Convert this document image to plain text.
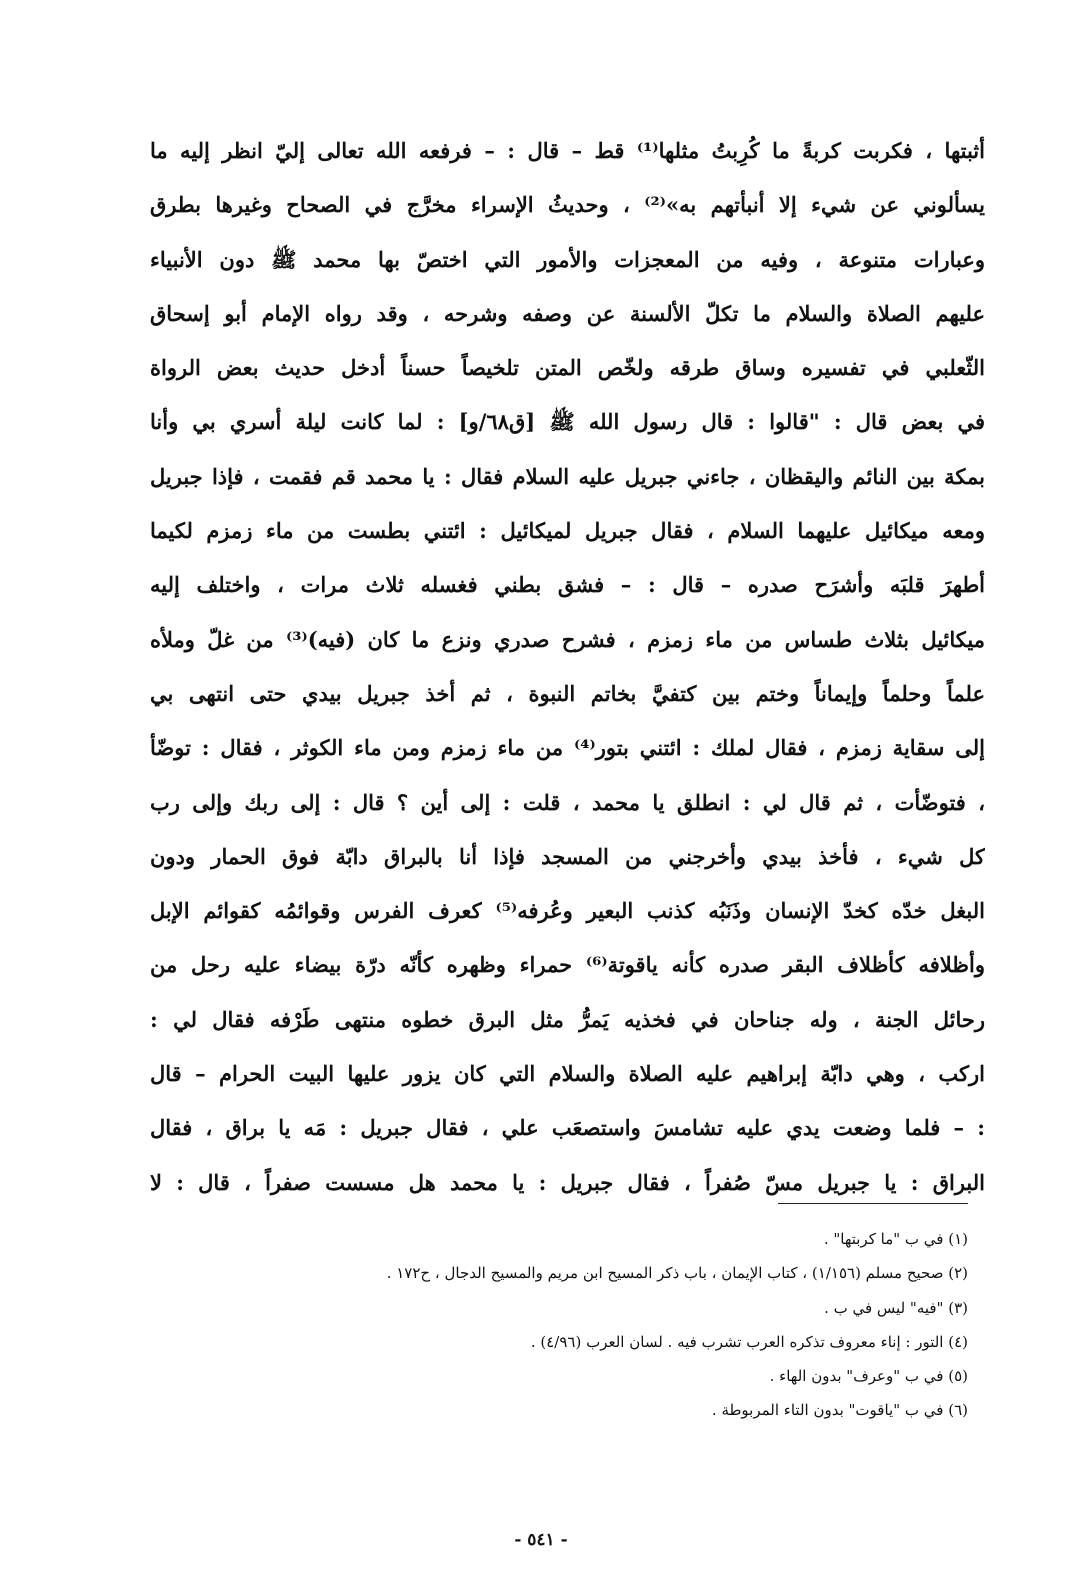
أثبتها ، فكربت كربةً ما كُرِبتُ مثلها⁽¹⁾ قط – قال : – فرفعه الله تعالى إليّ انظر إليه ما
يسألوني عن شيء إلا أنبأتهم به»⁽²⁾ ، وحديثُ الإسراء مخرَّج في الصحاح وغيرها بطرق
وعبارات متنوعة ، وفيه من المعجزات والأمور التي اختصّ بها محمد ﷺ دون الأنبياء
عليهم الصلاة والسلام ما تكلّ الألسنة عن وصفه وشرحه ، وقد رواه الإمام أبو إسحاق
الثّعلبي في تفسيره وساق طرقه ولخّص المتن تلخيصاً حسناً أدخل حديث بعض الرواة
في بعض قال : "قالوا : قال رسول الله ﷺ [ق٦٨/و] : لما كانت ليلة أسري بي وأنا
بمكة بين النائم واليقظان ، جاءني جبريل عليه السلام فقال : يا محمد قم فقمت ، فإذا جبريل
ومعه ميكائيل عليهما السلام ، فقال جبريل لميكائيل : ائتني بطست من ماء زمزم لكيما
أطهرَ قلبَه وأشرَح صدره – قال : – فشق بطني فغسله ثلاث مرات ، واختلف إليه
ميكائيل بثلاث طساس من ماء زمزم ، فشرح صدري ونزع ما كان (فيه)⁽³⁾ من غلّ وملأه
علماً وحلماً وإيماناً وختم بين كتفيَّ بخاتم النبوة ، ثم أخذ جبريل بيدي حتى انتهى بي
إلى سقاية زمزم ، فقال لملك : ائتني بتور⁽⁴⁾ من ماء زمزم ومن ماء الكوثر ، فقال : توضّأ
، فتوضّأت ، ثم قال لي : انطلق يا محمد ، قلت : إلى أين ؟ قال : إلى ربك وإلى رب
كل شيء ، فأخذ بيدي وأخرجني من المسجد فإذا أنا بالبراق دابّة فوق الحمار ودون
البغل خدّه كخدّ الإنسان وذَنَبُه كذنب البعير وعُرفه⁽⁵⁾ كعرف الفرس وقوائمُه كقوائم الإبل
وأظلافه كأظلاف البقر صدره كأنه ياقوتة⁽⁶⁾ حمراء وظهره كأنّه درّة بيضاء عليه رحل من
رحائل الجنة ، وله جناحان في فخذيه يَمرُّ مثل البرق خطوه منتهى طَرْفه فقال لي :
اركب ، وهي دابّة إبراهيم عليه الصلاة والسلام التي كان يزور عليها البيت الحرام – قال
: – فلما وضعت يدي عليه تشامسَ واستصعَب علي ، فقال جبريل : مَه يا براق ، فقال
البراق : يا جبريل مسّ صُفراً ، فقال جبريل : يا محمد هل مسست صفراً ، قال : لا
(١) في ب "ما كربتها" .
(٢) صحيح مسلم (١/١٥٦) ، كتاب الإيمان ، باب ذكر المسيح ابن مريم والمسيح الدجال ، ح١٧٢ .
(٣) "فيه" ليس في ب .
(٤) التور : إناء معروف تذكره العرب تشرب فيه . لسان العرب (٤/٩٦) .
(٥) في ب "وعرف" بدون الهاء .
(٦) في ب "ياقوت" بدون التاء المربوطة .
- ٥٤١ -
